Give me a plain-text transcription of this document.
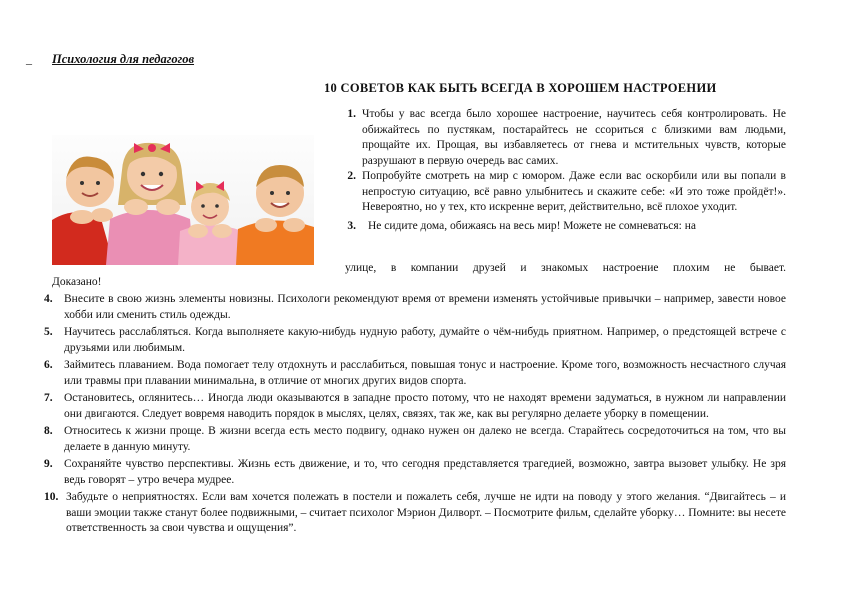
_ Психология для педагогов
10 СОВЕТОВ КАК БЫТЬ ВСЕГДА В ХОРОШЕМ НАСТРОЕНИИ
1. Чтобы у вас всегда было хорошее настроение, научитесь себя контролировать. Не обижайтесь по пустякам, постарайтесь не ссориться с близкими вам людьми, прощайте их. Прощая, вы избавляетесь от гнева и мстительных чувств, которые разрушают в первую очередь вас самих.
2. Попробуйте смотреть на мир с юмором. Даже если вас оскорбили или вы попали в непростую ситуацию, всё равно улыбнитесь и скажите себе: «И это тоже пройдёт!». Невероятно, но у тех, кто искренне верит, действительно, всё плохое уходит.
3.	Не сидите дома, обижаясь на весь мир! Можете не сомневаться: на
улице, в компании друзей и знакомых настроение плохим не бывает.
Доказано!
4. Внесите в свою жизнь элементы новизны. Психологи рекомендуют время от времени изменять устойчивые привычки – например, завести новое хобби или сменить стиль одежды.
5. Научитесь расслабляться. Когда выполняете какую-нибудь нудную работу, думайте о чём-нибудь приятном. Например, о предстоящей встрече с друзьями или любимым.
6. Займитесь плаванием. Вода помогает телу отдохнуть и расслабиться, повышая тонус и настроение. Кроме того, возможность несчастного случая или травмы при плавании минимальна, в отличие от многих других видов спорта.
7. Остановитесь, оглянитесь… Иногда люди оказываются в западне просто потому, что не находят времени задуматься, в нужном ли направлении они двигаются. Следует вовремя наводить порядок в мыслях, целях, связях, так же, как вы регулярно делаете уборку в помещении.
8. Относитесь к жизни проще. В жизни всегда есть место подвигу, однако нужен он далеко не всегда. Старайтесь сосредоточиться на том, что вы делаете в данную минуту.
9. Сохраняйте чувство перспективы. Жизнь есть движение, и то, что сегодня представляется трагедией, возможно, завтра вызовет улыбку. Не зря ведь говорят – утро вечера мудрее.
10. Забудьте о неприятностях. Если вам хочется полежать в постели и пожалеть себя, лучше не идти на поводу у этого желания. “Двигайтесь – и ваши эмоции также станут более подвижными, – считает психолог Мэрион Дилворт. – Посмотрите фильм, сделайте уборку… Помните: вы несете ответственность за свои чувства и ощущения”.
